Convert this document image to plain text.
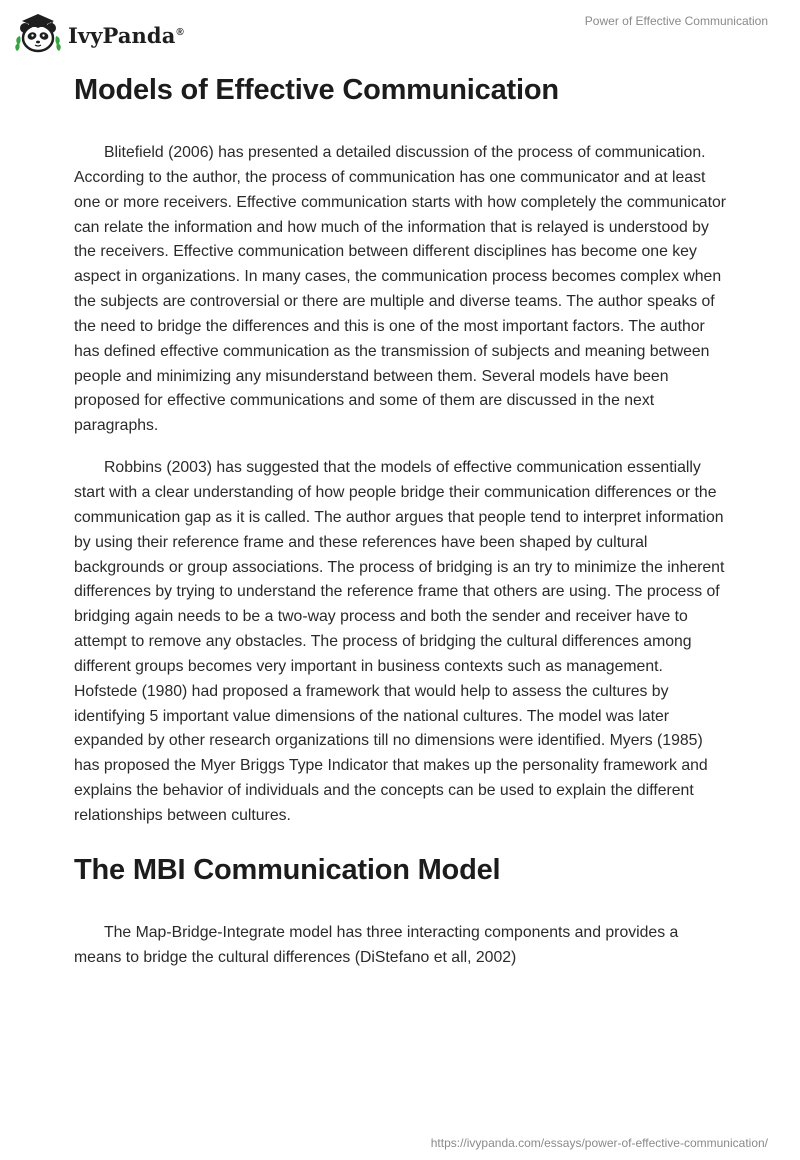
IvyPanda®
Power of Effective Communication
Models of Effective Communication

Blitefield (2006) has presented a detailed discussion of the process of communication. According to the author, the process of communication has one communicator and at least one or more receivers. Effective communication starts with how completely the communicator can relate the information and how much of the information that is relayed is understood by the receivers. Effective communication between different disciplines has become one key aspect in organizations. In many cases, the communication process becomes complex when the subjects are controversial or there are multiple and diverse teams. The author speaks of the need to bridge the differences and this is one of the most important factors. The author has defined effective communication as the transmission of subjects and meaning between people and minimizing any misunderstand between them. Several models have been proposed for effective communications and some of them are discussed in the next paragraphs.

Robbins (2003) has suggested that the models of effective communication essentially start with a clear understanding of how people bridge their communication differences or the communication gap as it is called. The author argues that people tend to interpret information by using their reference frame and these references have been shaped by cultural backgrounds or group associations. The process of bridging is an try to minimize the inherent differences by trying to understand the reference frame that others are using. The process of bridging again needs to be a two-way process and both the sender and receiver have to attempt to remove any obstacles. The process of bridging the cultural differences among different groups becomes very important in business contexts such as management. Hofstede (1980) had proposed a framework that would help to assess the cultures by identifying 5 important value dimensions of the national cultures. The model was later expanded by other research organizations till no dimensions were identified. Myers (1985) has proposed the Myer Briggs Type Indicator that makes up the personality framework and explains the behavior of individuals and the concepts can be used to explain the different relationships between cultures.

The MBI Communication Model

The Map-Bridge-Integrate model has three interacting components and provides a means to bridge the cultural differences (DiStefano et all, 2002)

https://ivypanda.com/essays/power-of-effective-communication/
